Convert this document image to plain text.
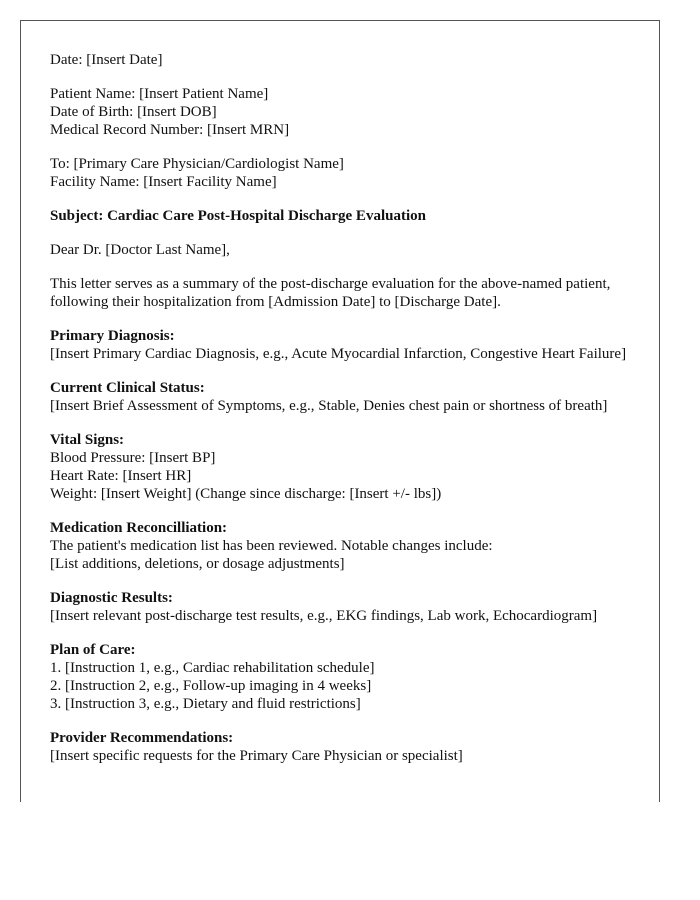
Date: [Insert Date]
Patient Name: [Insert Patient Name]
Date of Birth: [Insert DOB]
Medical Record Number: [Insert MRN]
To: [Primary Care Physician/Cardiologist Name]
Facility Name: [Insert Facility Name]
Subject: Cardiac Care Post-Hospital Discharge Evaluation
Dear Dr. [Doctor Last Name],
This letter serves as a summary of the post-discharge evaluation for the above-named patient, following their hospitalization from [Admission Date] to [Discharge Date].
Primary Diagnosis:
[Insert Primary Cardiac Diagnosis, e.g., Acute Myocardial Infarction, Congestive Heart Failure]
Current Clinical Status:
[Insert Brief Assessment of Symptoms, e.g., Stable, Denies chest pain or shortness of breath]
Vital Signs:
Blood Pressure: [Insert BP]
Heart Rate: [Insert HR]
Weight: [Insert Weight] (Change since discharge: [Insert +/- lbs])
Medication Reconcilliation:
The patient's medication list has been reviewed. Notable changes include:
[List additions, deletions, or dosage adjustments]
Diagnostic Results:
[Insert relevant post-discharge test results, e.g., EKG findings, Lab work, Echocardiogram]
Plan of Care:
1. [Instruction 1, e.g., Cardiac rehabilitation schedule]
2. [Instruction 2, e.g., Follow-up imaging in 4 weeks]
3. [Instruction 3, e.g., Dietary and fluid restrictions]
Provider Recommendations:
[Insert specific requests for the Primary Care Physician or specialist]
